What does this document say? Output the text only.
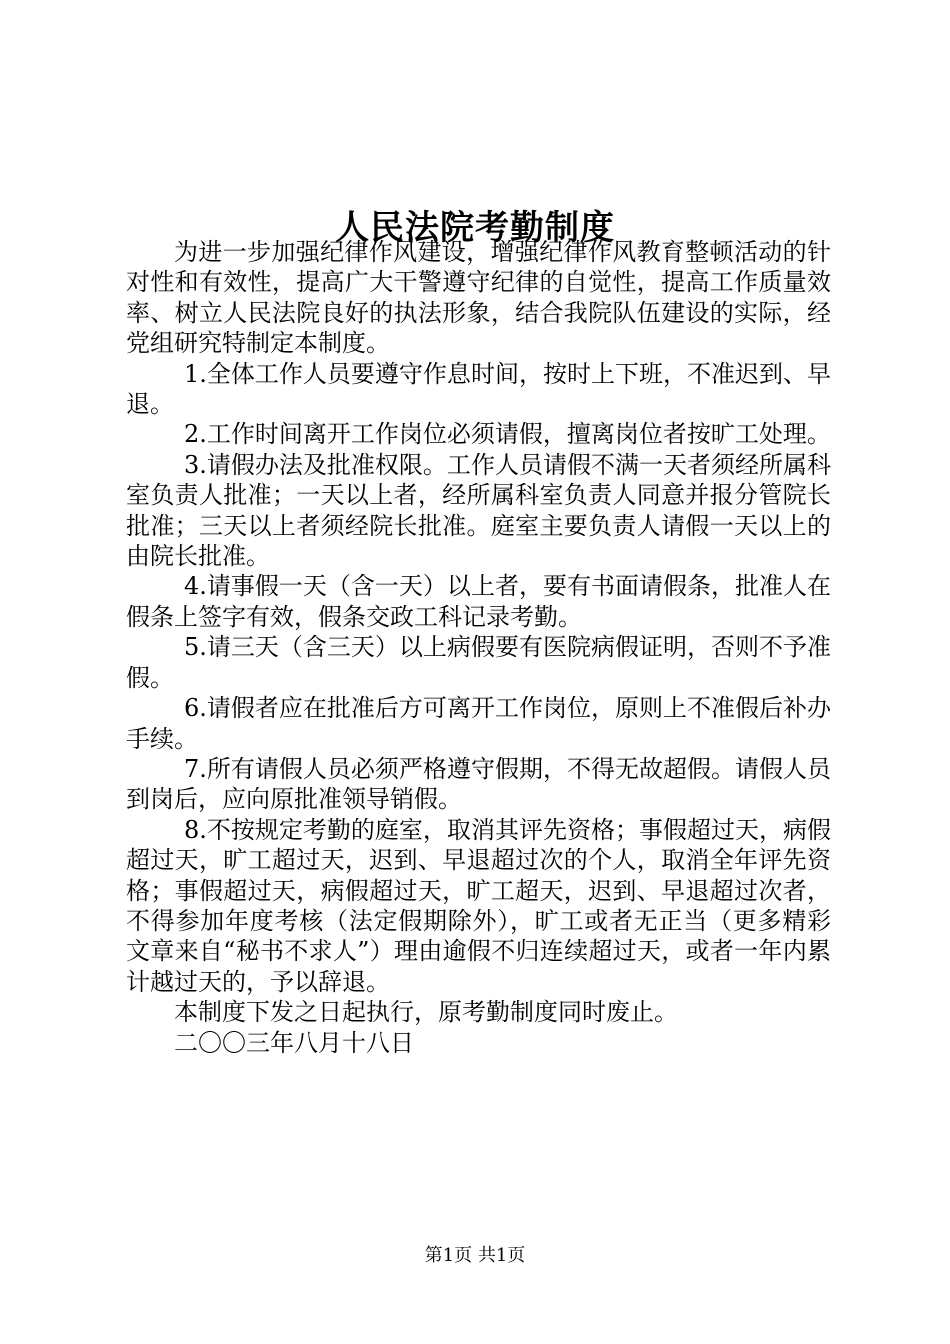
人民法院考勤制度

为进一步加强纪律作风建设，增强纪律作风教育整顿活动的针对性和有效性，提高广大干警遵守纪律的自觉性，提高工作质量效率、树立人民法院良好的执法形象，结合我院队伍建设的实际，经党组研究特制定本制度。

1.全体工作人员要遵守作息时间，按时上下班，不准迟到、早退。

2.工作时间离开工作岗位必须请假，擅离岗位者按旷工处理。

3.请假办法及批准权限。工作人员请假不满一天者须经所属科室负责人批准；一天以上者，经所属科室负责人同意并报分管院长批准；三天以上者须经院长批准。庭室主要负责人请假一天以上的由院长批准。

4.请事假一天（含一天）以上者，要有书面请假条，批准人在假条上签字有效，假条交政工科记录考勤。

5.请三天（含三天）以上病假要有医院病假证明，否则不予准假。

6.请假者应在批准后方可离开工作岗位，原则上不准假后补办手续。

7.所有请假人员必须严格遵守假期，不得无故超假。请假人员到岗后，应向原批准领导销假。

8.不按规定考勤的庭室，取消其评先资格；事假超过天，病假超过天，旷工超过天，迟到、早退超过次的个人，取消全年评先资格；事假超过天，病假超过天，旷工超天，迟到、早退超过次者，不得参加年度考核（法定假期除外），旷工或者无正当（更多精彩文章来自“秘书不求人”）理由逾假不归连续超过天，或者一年内累计越过天的，予以辞退。

本制度下发之日起执行，原考勤制度同时废止。

二〇〇三年八月十八日

第1页 共1页
